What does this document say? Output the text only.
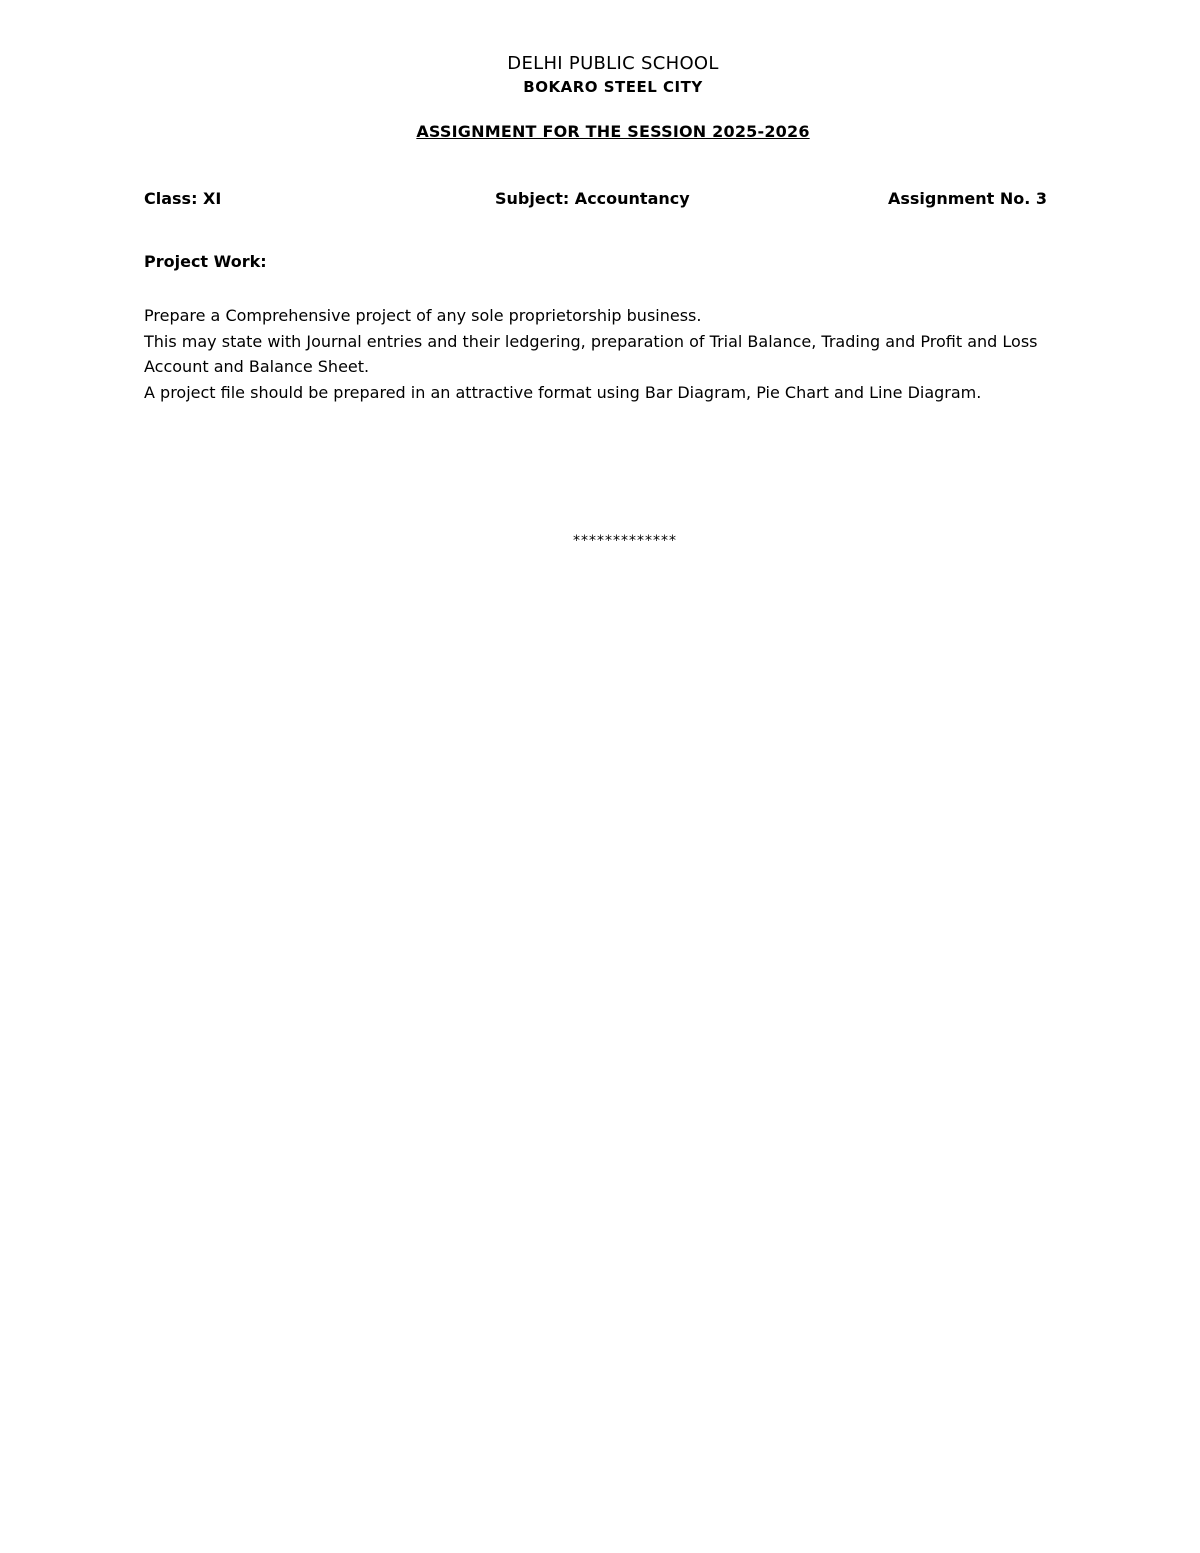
DELHI PUBLIC SCHOOL
BOKARO STEEL CITY
ASSIGNMENT FOR THE SESSION 2025-2026
Class: XI	Subject: Accountancy	Assignment No. 3
Project Work:

Prepare a Comprehensive project of any sole proprietorship business.

This may state with Journal entries and their ledgering, preparation of Trial Balance, Trading and Profit and Loss Account and Balance Sheet.

A project file should be prepared in an attractive format using Bar Diagram, Pie Chart and Line Diagram.

*************
